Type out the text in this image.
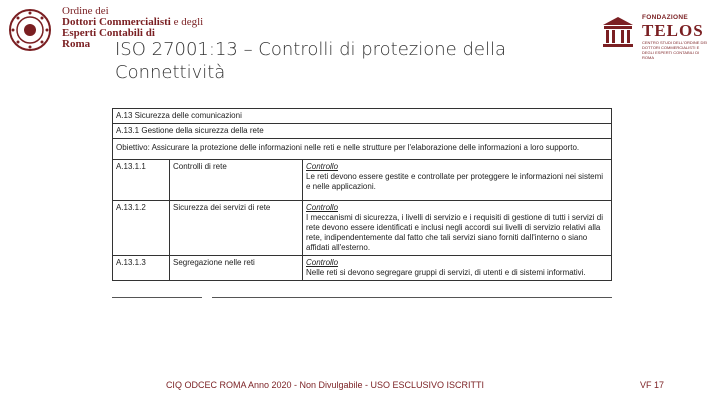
Ordine dei
Dottori Commercialisti e degli
Esperti Contabili di
Roma
FONDAZIONE
TELOS
CENTRO STUDI DELL'ORDINE DEI DOTTORI COMMERCIALISTI E DEGLI ESPERTI CONTABILI DI ROMA
ISO 27001:13 – Controlli di protezione della Connettività
A.13 Sicurezza delle comunicazioni		
A.13.1 Gestione della sicurezza della rete		
Obiettivo: Assicurare la protezione delle informazioni nelle reti e nelle strutture per l'elaborazione delle informazioni a loro supporto.		
A.13.1.1	Controlli di rete	Controllo
Le reti devono essere gestite e controllate per proteggere le informazioni nei sistemi e nelle applicazioni.
A.13.1.2	Sicurezza dei servizi di rete	Controllo
I meccanismi di sicurezza, i livelli di servizio e i requisiti di gestione di tutti i servizi di rete devono essere identificati e inclusi negli accordi sui livelli di servizio relativi alla rete, indipendentemente dal fatto che tali servizi siano forniti dall'interno o siano affidati all'esterno.
A.13.1.3	Segregazione nelle reti	Controllo
Nelle reti si devono segregare gruppi di servizi, di utenti e di sistemi informativi.
CIQ ODCEC ROMA Anno 2020 - Non Divulgabile - USO ESCLUSIVO ISCRITTI	VF 17
